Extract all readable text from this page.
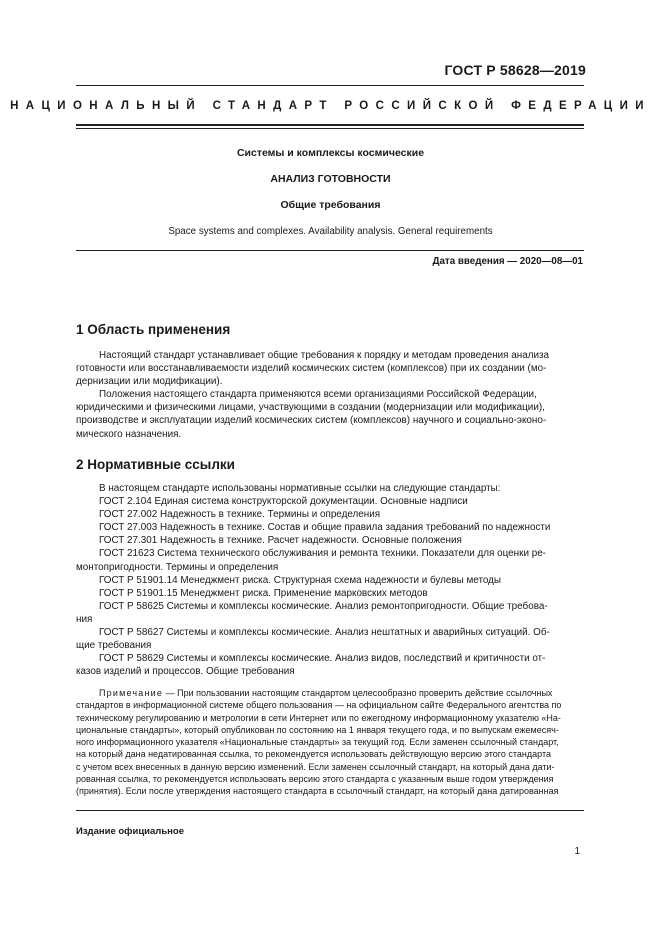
ГОСТ Р 58628—2019
НАЦИОНАЛЬНЫЙ СТАНДАРТ РОССИЙСКОЙ ФЕДЕРАЦИИ
Системы и комплексы космические
АНАЛИЗ ГОТОВНОСТИ
Общие требования
Space systems and complexes. Availability analysis. General requirements
Дата введения — 2020—08—01
1 Область применения
Настоящий стандарт устанавливает общие требования к порядку и методам проведения анализа
готовности или восстанавливаемости изделий космических систем (комплексов) при их создании (мо-
дернизации или модификации).
Положения настоящего стандарта применяются всеми организациями Российской Федерации,
юридическими и физическими лицами, участвующими в создании (модернизации или модификации),
производстве и эксплуатации изделий космических систем (комплексов) научного и социально-эконо-
мического назначения.
2 Нормативные ссылки
В настоящем стандарте использованы нормативные ссылки на следующие стандарты:
ГОСТ 2.104 Единая система конструкторской документации. Основные надписи
ГОСТ 27.002 Надежность в технике. Термины и определения
ГОСТ 27.003 Надежность в технике. Состав и общие правила задания требований по надежности
ГОСТ 27.301 Надежность в технике. Расчет надежности. Основные положения
ГОСТ 21623 Система технического обслуживания и ремонта техники. Показатели для оценки ре-
монтопригодности. Термины и определения
ГОСТ Р 51901.14 Менеджмент риска. Структурная схема надежности и булевы методы
ГОСТ Р 51901.15 Менеджмент риска. Применение марковских методов
ГОСТ Р 58625 Системы и комплексы космические. Анализ ремонтопригодности. Общие требова-
ния
ГОСТ Р 58627 Системы и комплексы космические. Анализ нештатных и аварийных ситуаций. Об-
щие требования
ГОСТ Р 58629 Системы и комплексы космические. Анализ видов, последствий и критичности от-
казов изделий и процессов. Общие требования
Примечание — При пользовании настоящим стандартом целесообразно проверить действие ссылочных
стандартов в информационной системе общего пользования — на официальном сайте Федерального агентства по
техническому регулированию и метрологии в сети Интернет или по ежегодному информационному указателю «На-
циональные стандарты», который опубликован по состоянию на 1 января текущего года, и по выпускам ежемесяч-
ного информационного указателя «Национальные стандарты» за текущий год. Если заменен ссылочный стандарт,
на который дана недатированная ссылка, то рекомендуется использовать действующую версию этого стандарта
с учетом всех внесенных в данную версию изменений. Если заменен ссылочный стандарт, на который дана дати-
рованная ссылка, то рекомендуется использовать версию этого стандарта с указанным выше годом утверждения
(принятия). Если после утверждения настоящего стандарта в ссылочный стандарт, на который дана датированная
Издание официальное
1
